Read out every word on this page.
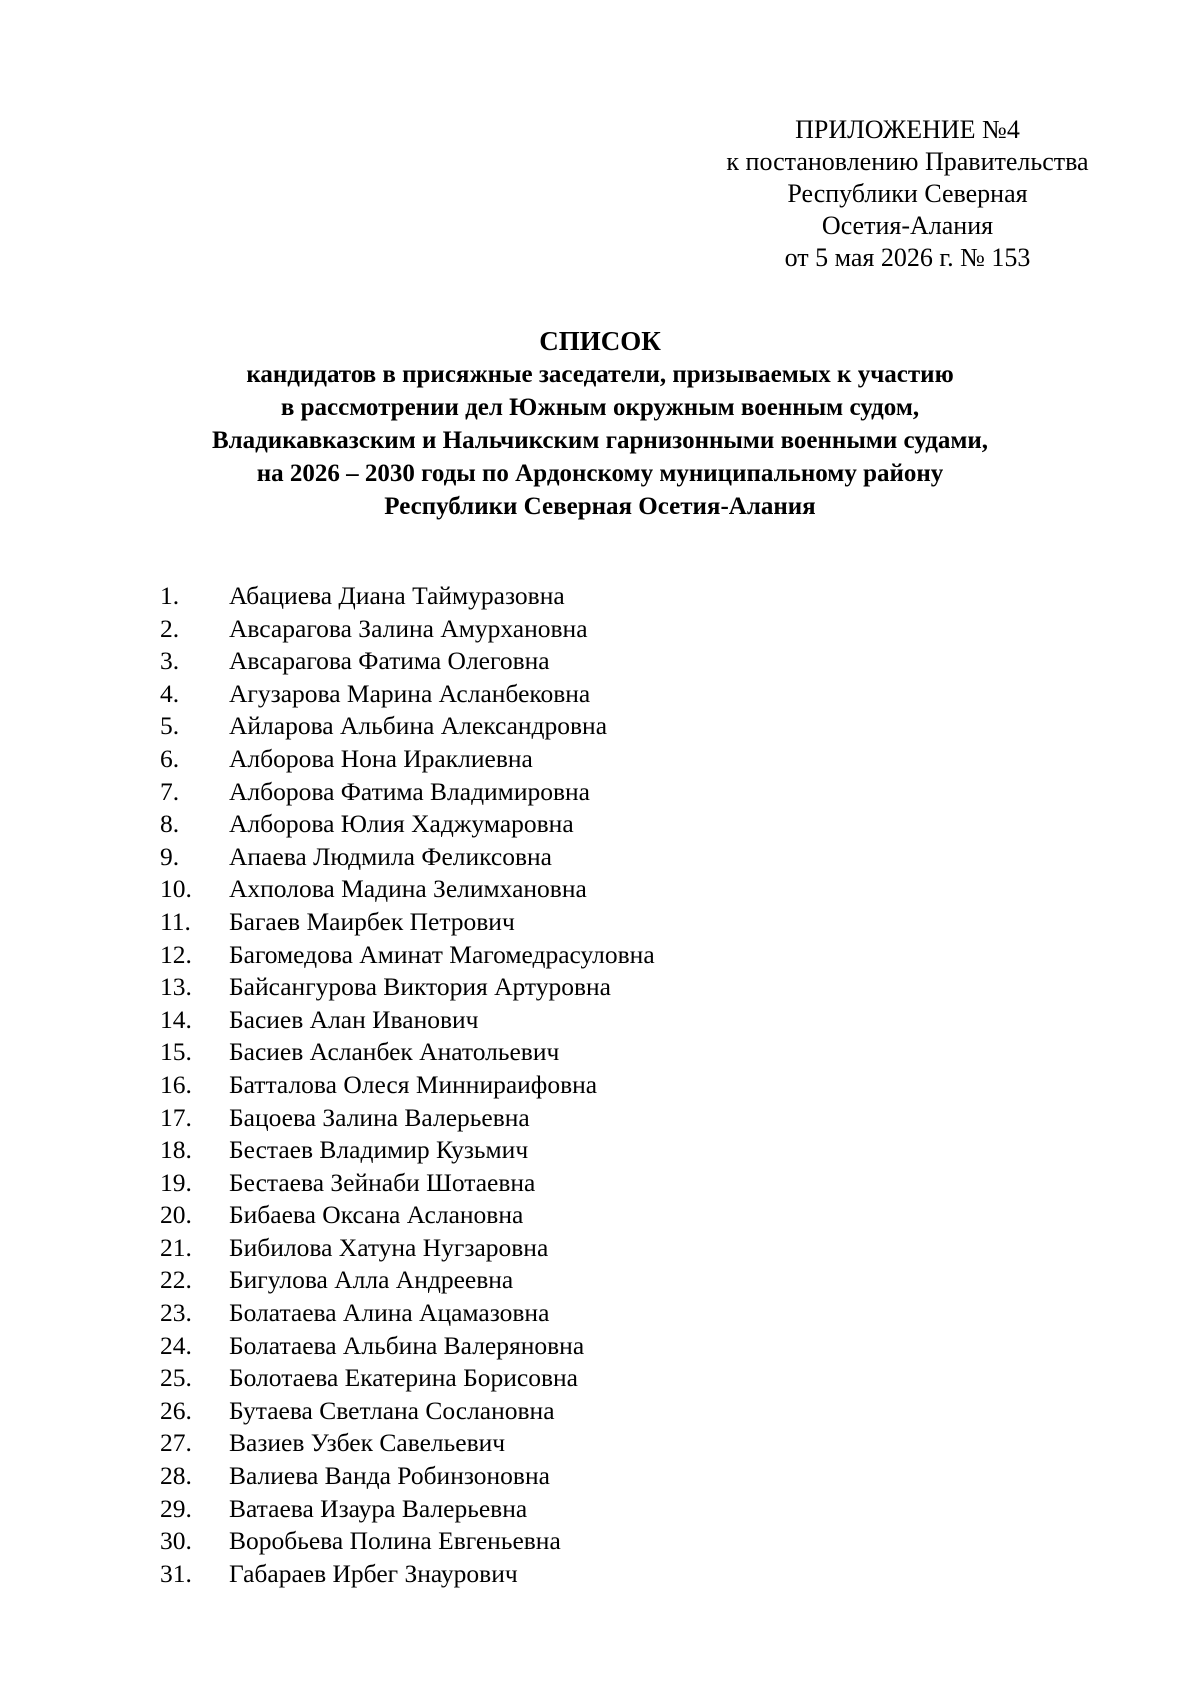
ПРИЛОЖЕНИЕ №4
к постановлению Правительства
Республики Северная
Осетия-Алания
от 5 мая 2026 г. № 153
СПИСОК
кандидатов в присяжные заседатели, призываемых к участию
в рассмотрении дел Южным окружным военным судом,
Владикавказским и Нальчикским гарнизонными военными судами,
на 2026 – 2030 годы по Ардонскому муниципальному району
Республики Северная Осетия-Алания
1.	Абациева Диана Таймуразовна
2.	Авсарагова Залина Амурхановна
3.	Авсарагова Фатима Олеговна
4.	Агузарова Марина Асланбековна
5.	Айларова Альбина Александровна
6.	Алборова Нона Ираклиевна
7.	Алборова Фатима Владимировна
8.	Алборова Юлия Хаджумаровна
9.	Апаева Людмила Феликсовна
10.	Ахполова Мадина Зелимхановна
11.	Багаев Маирбек Петрович
12.	Багомедова Аминат Магомедрасуловна
13.	Байсангурова Виктория Артуровна
14.	Басиев Алан Иванович
15.	Басиев Асланбек Анатольевич
16.	Батталова Олеся Миннираифовна
17.	Бацоева Залина Валерьевна
18.	Бестаев Владимир Кузьмич
19.	Бестаева Зейнаби Шотаевна
20.	Бибаева Оксана Аслановна
21.	Бибилова Хатуна Нугзаровна
22.	Бигулова Алла Андреевна
23.	Болатаева Алина Ацамазовна
24.	Болатаева Альбина Валеряновна
25.	Болотаева Екатерина Борисовна
26.	Бутаева Светлана Сослановна
27.	Вазиев Узбек Савельевич
28.	Валиева Ванда Робинзоновна
29.	Ватаева Изаура Валерьевна
30.	Воробьева Полина Евгеньевна
31.	Габараев Ирбег Знаурович
